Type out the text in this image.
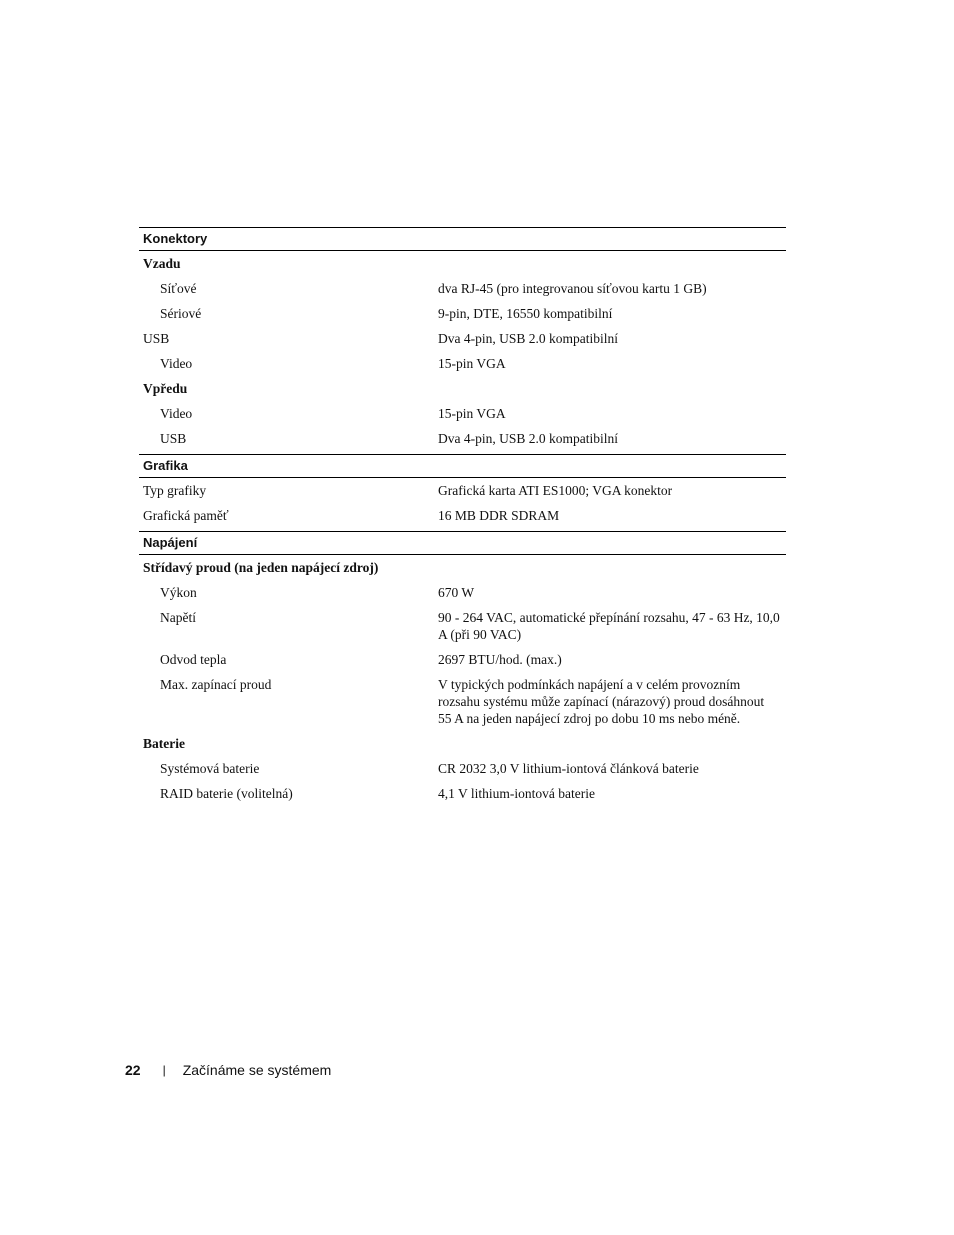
Konektory
Vzadu
Síťové	dva RJ-45 (pro integrovanou síťovou kartu 1 GB)
Sériové	9-pin, DTE, 16550 kompatibilní
USB	Dva 4-pin, USB 2.0 kompatibilní
Video	15-pin VGA
Vpředu
Video	15-pin VGA
USB	Dva 4-pin, USB 2.0 kompatibilní
Grafika
Typ grafiky	Grafická karta ATI ES1000; VGA konektor
Grafická paměť	16 MB DDR SDRAM
Napájení
Střídavý proud (na jeden napájecí zdroj)
Výkon	670 W
Napětí	90 - 264 VAC, automatické přepínání rozsahu, 47 - 63 Hz, 10,0 A (při 90 VAC)
Odvod tepla	2697 BTU/hod. (max.)
Max. zapínací proud	V typických podmínkách napájení a v celém provozním rozsahu systému může zapínací (nárazový) proud dosáhnout 55 A na jeden napájecí zdroj po dobu 10 ms nebo méně.
Baterie
Systémová baterie	CR 2032 3,0 V lithium-iontová článková baterie
RAID baterie (volitelná)	4,1 V lithium-iontová baterie
22 | Začínáme se systémem
